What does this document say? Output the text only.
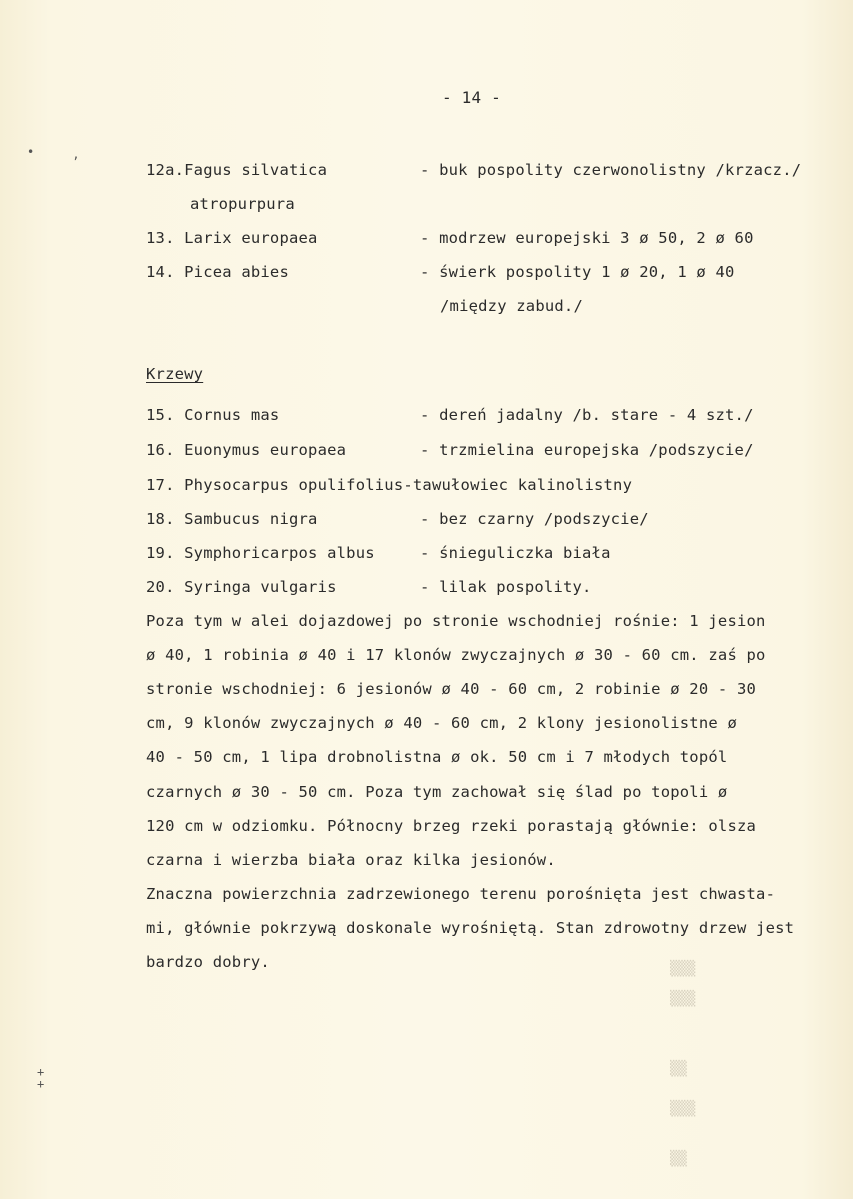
- 14 -
12a.Fagus silvatica	- buk pospolity czerwonolistny /krzacz./
atropurpura
13. Larix europaea	- modrzew europejski 3 ø 50, 2 ø 60
14. Picea abies	- świerk pospolity 1 ø 20, 1 ø 40
/między zabud./
Krzewy
15. Cornus mas	- dereń jadalny /b. stare - 4 szt./
16. Euonymus europaea	- trzmielina europejska /podszycie/
17. Physocarpus opulifolius-tawułowiec kalinolistny
18. Sambucus nigra	- bez czarny /podszycie/
19. Symphoricarpos albus	- śnieguliczka biała
20. Syringa vulgaris	- lilak pospolity.
Poza tym w alei dojazdowej po stronie wschodniej rośnie: 1 jesion
ø 40, 1 robinia ø 40 i 17 klonów zwyczajnych ø 30 - 60 cm. zaś po
stronie wschodniej: 6 jesionów ø 40 - 60 cm, 2 robinie ø 20 - 30
cm, 9 klonów zwyczajnych ø 40 - 60 cm, 2 klony jesionolistne ø
40 - 50 cm, 1 lipa drobnolistna ø ok. 50 cm i 7 młodych topól
czarnych ø 30 - 50 cm. Poza tym zachował się ślad po topoli ø
120 cm w odziomku. Północny brzeg rzeki porastają głównie: olsza
czarna i wierzba biała oraz kilka jesionów.
Znaczna powierzchnia zadrzewionego terenu porośnięta jest chwasta-
mi, głównie pokrzywą doskonale wyrośniętą. Stan zdrowotny drzew jest
bardzo dobry.
•
’
+
+
▒▒▒
▒▒▒
▒▒
▒▒▒
▒▒
